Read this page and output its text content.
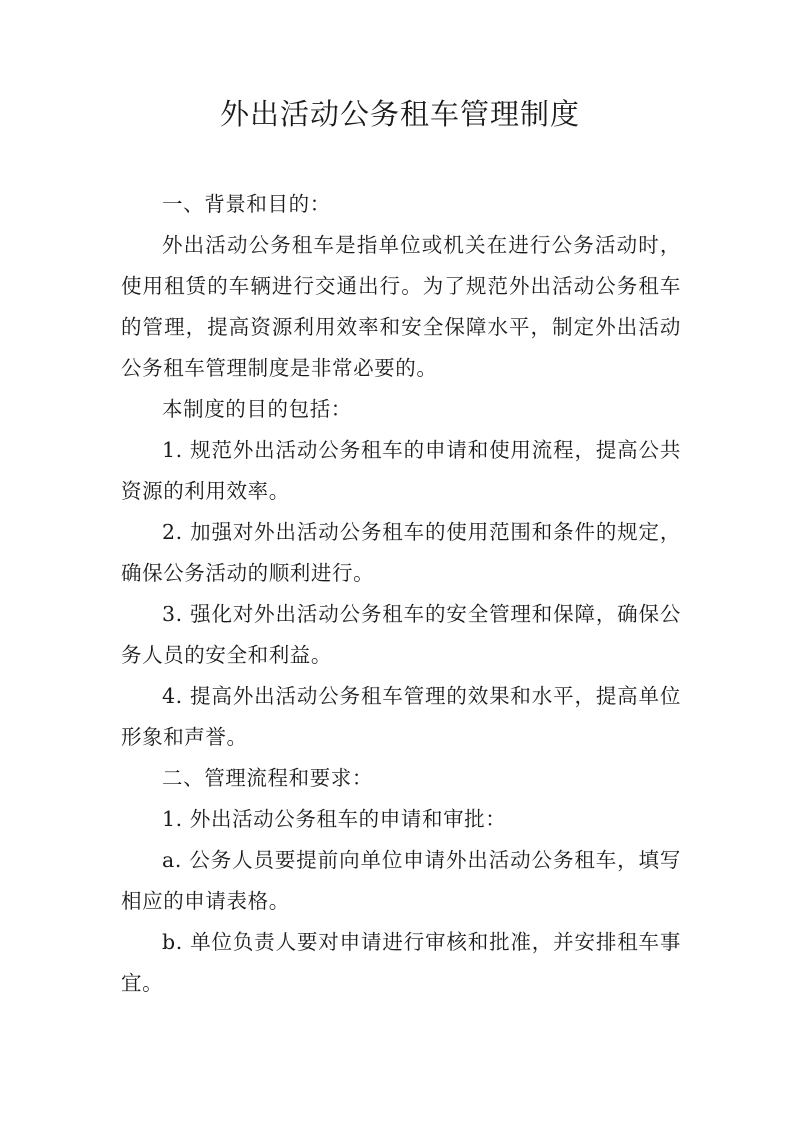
外出活动公务租车管理制度

一、背景和目的：

外出活动公务租车是指单位或机关在进行公务活动时，使用租赁的车辆进行交通出行。为了规范外出活动公务租车的管理，提高资源利用效率和安全保障水平，制定外出活动公务租车管理制度是非常必要的。

本制度的目的包括：

1. 规范外出活动公务租车的申请和使用流程，提高公共资源的利用效率。

2. 加强对外出活动公务租车的使用范围和条件的规定，确保公务活动的顺利进行。

3. 强化对外出活动公务租车的安全管理和保障，确保公务人员的安全和利益。

4. 提高外出活动公务租车管理的效果和水平，提高单位形象和声誉。

二、管理流程和要求：

1. 外出活动公务租车的申请和审批：

a. 公务人员要提前向单位申请外出活动公务租车，填写相应的申请表格。

b. 单位负责人要对申请进行审核和批准，并安排租车事宜。
